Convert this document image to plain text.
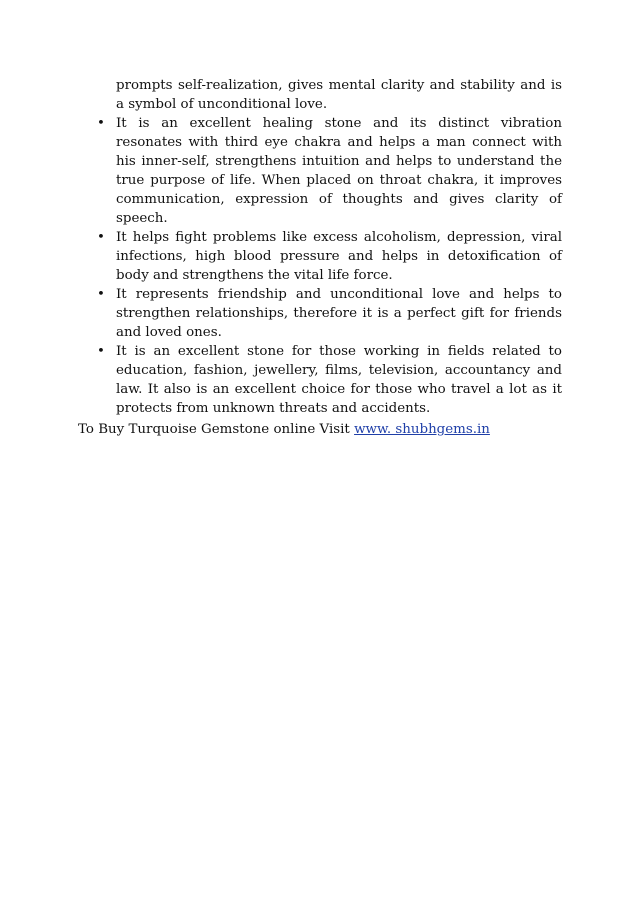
prompts self-realization, gives mental clarity and stability and is a symbol of unconditional love.

• It is an excellent healing stone and its distinct vibration resonates with third eye chakra and helps a man connect with his inner-self, strengthens intuition and helps to understand the true purpose of life. When placed on throat chakra, it improves communication, expression of thoughts and gives clarity of speech.
• It helps fight problems like excess alcoholism, depression, viral infections, high blood pressure and helps in detoxification of body and strengthens the vital life force.
• It represents friendship and unconditional love and helps to strengthen relationships, therefore it is a perfect gift for friends and loved ones.
• It is an excellent stone for those working in fields related to education, fashion, jewellery, films, television, accountancy and law. It also is an excellent choice for those who travel a lot as it protects from unknown threats and accidents.

To Buy Turquoise Gemstone online Visit www. shubhgems.in
